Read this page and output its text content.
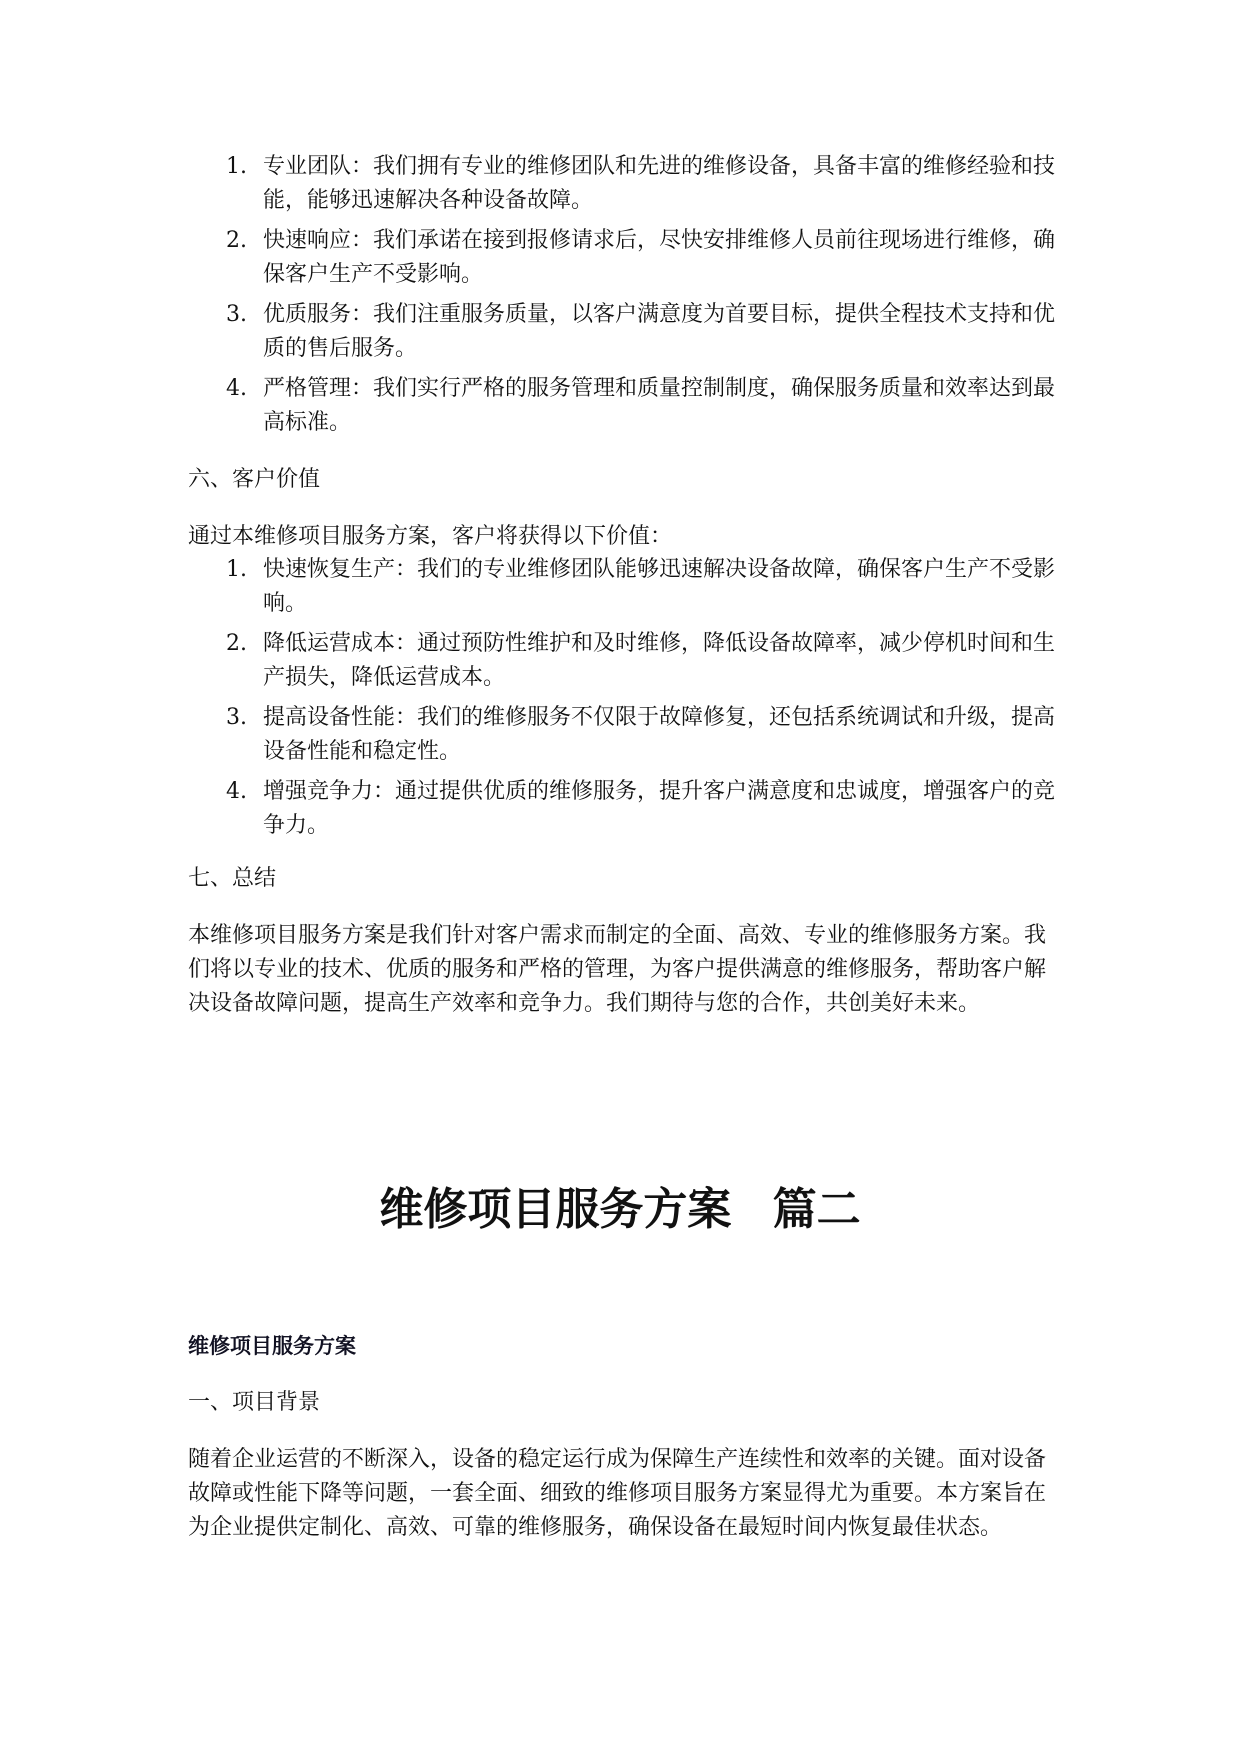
1. 专业团队：我们拥有专业的维修团队和先进的维修设备，具备丰富的维修经验和技能，能够迅速解决各种设备故障。
2. 快速响应：我们承诺在接到报修请求后，尽快安排维修人员前往现场进行维修，确保客户生产不受影响。
3. 优质服务：我们注重服务质量，以客户满意度为首要目标，提供全程技术支持和优质的售后服务。
4. 严格管理：我们实行严格的服务管理和质量控制制度，确保服务质量和效率达到最高标准。

六、客户价值

通过本维修项目服务方案，客户将获得以下价值：

1. 快速恢复生产：我们的专业维修团队能够迅速解决设备故障，确保客户生产不受影响。
2. 降低运营成本：通过预防性维护和及时维修，降低设备故障率，减少停机时间和生产损失，降低运营成本。
3. 提高设备性能：我们的维修服务不仅限于故障修复，还包括系统调试和升级，提高设备性能和稳定性。
4. 增强竞争力：通过提供优质的维修服务，提升客户满意度和忠诚度，增强客户的竞争力。

七、总结

本维修项目服务方案是我们针对客户需求而制定的全面、高效、专业的维修服务方案。我们将以专业的技术、优质的服务和严格的管理，为客户提供满意的维修服务，帮助客户解决设备故障问题，提高生产效率和竞争力。我们期待与您的合作，共创美好未来。

维修项目服务方案

一、项目背景

随着企业运营的不断深入，设备的稳定运行成为保障生产连续性和效率的关键。面对设备故障或性能下降等问题，一套全面、细致的维修项目服务方案显得尤为重要。本方案旨在为企业提供定制化、高效、可靠的维修服务，确保设备在最短时间内恢复最佳状态。

维修项目服务方案 篇二
